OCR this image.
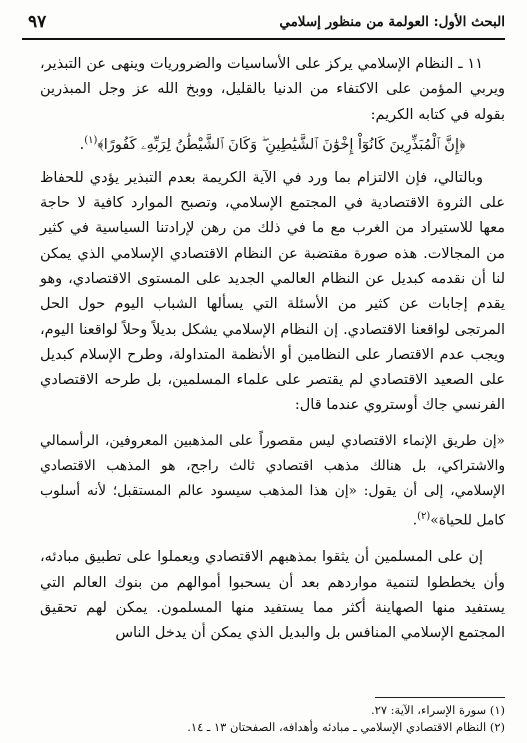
البحث الأول: العولمة من منظور إسلامي
٩٧

١١ ـ النظام الإسلامي يركز على الأساسيات والضروريات وينهى عن التبذير، ويربي المؤمن على الاكتفاء من الدنيا بالقليل، ووبخ الله عز وجل المبذرين بقوله في كتابه الكريم:

﴿إِنَّ ٱلْمُبَذِّرِينَ كَانُوٓاْ إِخْوَٰنَ ٱلشَّيَٰطِينِ ۖ وَكَانَ ٱلشَّيْطَٰنُ لِرَبِّهِۦ كَفُورًا﴾$^{(١)}$.

وبالتالي، فإن الالتزام بما ورد في الآية الكريمة بعدم التبذير يؤدي للحفاظ على الثروة الاقتصادية في المجتمع الإسلامي، وتصبح الموارد كافية لا حاجة معها للاستيراد من الغرب مع ما في ذلك من رهن لإرادتنا السياسية في كثير من المجالات. هذه صورة مقتضبة عن النظام الاقتصادي الإسلامي الذي يمكن لنا أن نقدمه كبديل عن النظام العالمي الجديد على المستوى الاقتصادي، وهو يقدم إجابات عن كثير من الأسئلة التي يسألها الشباب اليوم حول الحل المرتجى لواقعنا الاقتصادي. إن النظام الإسلامي يشكل بديلاً وحلاً لواقعنا اليوم، ويجب عدم الاقتصار على النظامين أو الأنظمة المتداولة، وطرح الإسلام كبديل على الصعيد الاقتصادي لم يقتصر على علماء المسلمين، بل طرحه الاقتصادي الفرنسي جاك أوستروي عندما قال:

«إن طريق الإنماء الاقتصادي ليس مقصوراً على المذهبين المعروفين، الرأسمالي والاشتراكي، بل هنالك مذهب اقتصادي ثالث راجح، هو المذهب الاقتصادي الإسلامي، إلى أن يقول: «إن هذا المذهب سيسود عالم المستقبل؛ لأنه أسلوب كامل للحياة»$^{(٢)}$.

إن على المسلمين أن يثقوا بمذهبهم الاقتصادي ويعملوا على تطبيق مبادئه، وأن يخططوا لتنمية مواردهم بعد أن يسحبوا أموالهم من بنوك العالم التي يستفيد منها الصهاينة أكثر مما يستفيد منها المسلمون. يمكن لهم تحقيق المجتمع الإسلامي المنافس بل والبديل الذي يمكن أن يدخل الناس

(١) سورة الإسراء، الآية: ٢٧.
(٢) النظام الاقتصادي الإسلامي ـ مبادئه وأهدافه، الصفحتان ١٣ ـ ١٤.
